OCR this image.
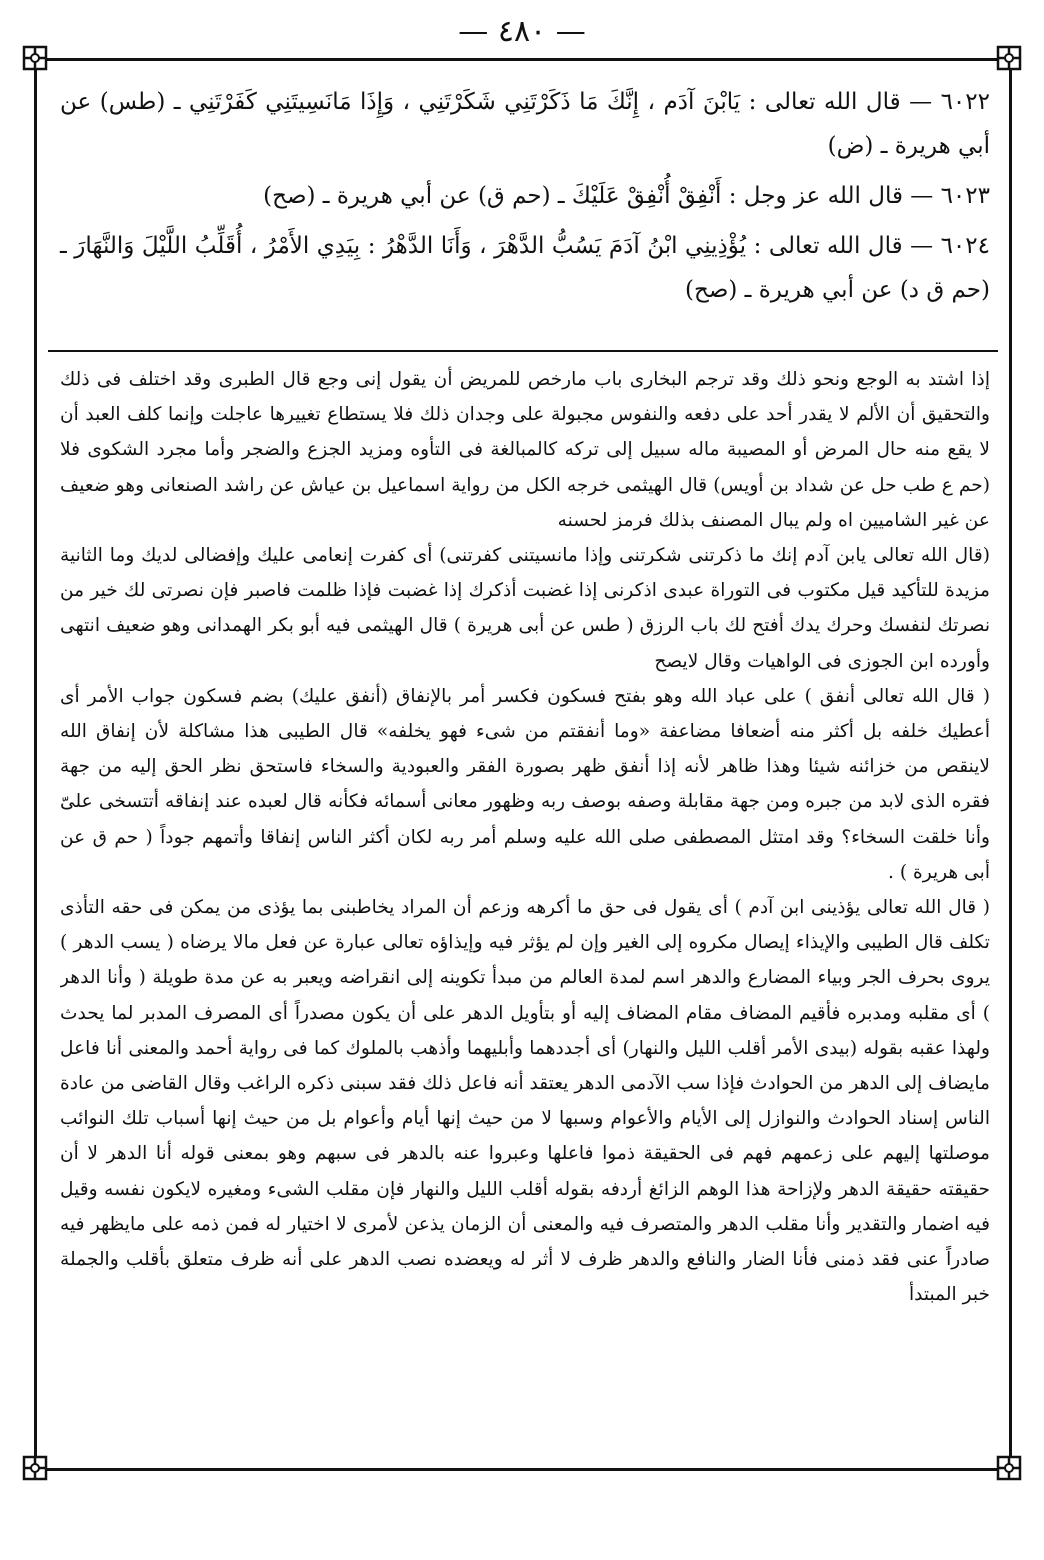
— ٤٨٠ —

٦٠٢٢ — قال الله تعالى : يَابْنَ آدَم ، إِنَّكَ مَا ذَكَرْتَنِي شَكَرْتَنِي ، وَإِذَا مَانَسِيتَنِي كَفَرْتَنِي ـ (طس) عن أبي هريرة ـ (ض)

٦٠٢٣ — قال الله عز وجل : أَنْفِقْ أُنْفِقْ عَلَيْكَ ـ (حم ق) عن أبي هريرة ـ (صح)

٦٠٢٤ — قال الله تعالى : يُؤْذِينِي ابْنُ آدَمَ يَسُبُّ الدَّهْرَ ، وَأَنَا الدَّهْرُ : بِيَدِي الأَمْرُ ، أُقَلِّبُ اللَّيْلَ وَالنَّهَارَ ـ (حم ق د) عن أبي هريرة ـ (صح)

إذا اشتد به الوجع ونحو ذلك وقد ترجم البخارى باب مارخص للمريض أن يقول إنى وجع قال الطبرى وقد اختلف فى ذلك والتحقيق أن الألم لا يقدر أحد على دفعه والنفوس مجبولة على وجدان ذلك فلا يستطاع تغييرها عاجلت وإنما كلف العبد أن لا يقع منه حال المرض أو المصيبة ماله سبيل إلى تركه كالمبالغة فى التأوه ومزيد الجزع والضجر وأما مجرد الشكوى فلا (حم ع طب حل عن شداد بن أويس) قال الهيثمى خرجه الكل من رواية اسماعيل بن عياش عن راشد الصنعانى وهو ضعيف عن غير الشاميين اه ولم يبال المصنف بذلك فرمز لحسنه

(قال الله تعالى يابن آدم إنك ما ذكرتنى شكرتنى وإذا مانسيتنى كفرتنى) أى كفرت إنعامى عليك وإفضالى لديك وما الثانية مزيدة للتأكيد قيل مكتوب فى التوراة عبدى اذكرنى إذا غضبت أذكرك إذا غضبت فإذا ظلمت فاصبر فإن نصرتى لك خير من نصرتك لنفسك وحرك يدك أفتح لك باب الرزق ( طس عن أبى هريرة ) قال الهيثمى فيه أبو بكر الهمدانى وهو ضعيف انتهى وأورده ابن الجوزى فى الواهيات وقال لايصح

( قال الله تعالى أنفق ) على عباد الله وهو بفتح فسكون فكسر أمر بالإنفاق (أنفق عليك) بضم فسكون جواب الأمر أى أعطيك خلفه بل أكثر منه أضعافا مضاعفة «وما أنفقتم من شىء فهو يخلفه» قال الطيبى هذا مشاكلة لأن إنفاق الله لاينقص من خزائنه شيئا وهذا ظاهر لأنه إذا أنفق ظهر بصورة الفقر والعبودية والسخاء فاستحق نظر الحق إليه من جهة فقره الذى لابد من جبره ومن جهة مقابلة وصفه بوصف ربه وظهور معانى أسمائه فكأنه قال لعبده عند إنفاقه أتتسخى علىّ وأنا خلقت السخاء؟ وقد امتثل المصطفى صلى الله عليه وسلم أمر ربه لكان أكثر الناس إنفاقا وأتمهم جوداً ( حم ق عن أبى هريرة ) .

( قال الله تعالى يؤذينى ابن آدم ) أى يقول فى حق ما أكرهه وزعم أن المراد يخاطبنى بما يؤذى من يمكن فى حقه التأذى تكلف قال الطيبى والإيذاء إيصال مكروه إلى الغير وإن لم يؤثر فيه وإيذاؤه تعالى عبارة عن فعل مالا يرضاه ( يسب الدهر ) يروى بحرف الجر وبياء المضارع والدهر اسم لمدة العالم من مبدأ تكوينه إلى انقراضه ويعبر به عن مدة طويلة ( وأنا الدهر ) أى مقلبه ومدبره فأقيم المضاف مقام المضاف إليه أو بتأويل الدهر على أن يكون مصدراً أى المصرف المدبر لما يحدث ولهذا عقبه بقوله (بيدى الأمر أقلب الليل والنهار) أى أجددهما وأبليهما وأذهب بالملوك كما فى رواية أحمد والمعنى أنا فاعل مايضاف إلى الدهر من الحوادث فإذا سب الآدمى الدهر يعتقد أنه فاعل ذلك فقد سبنى ذكره الراغب وقال القاضى من عادة الناس إسناد الحوادث والنوازل إلى الأيام والأعوام وسبها لا من حيث إنها أيام وأعوام بل من حيث إنها أسباب تلك النوائب موصلتها إليهم على زعمهم فهم فى الحقيقة ذموا فاعلها وعبروا عنه بالدهر فى سبهم وهو بمعنى قوله أنا الدهر لا أن حقيقته حقيقة الدهر ولإزاحة هذا الوهم الزائغ أردفه بقوله أقلب الليل والنهار فإن مقلب الشىء ومغيره لايكون نفسه وقيل فيه اضمار والتقدير وأنا مقلب الدهر والمتصرف فيه والمعنى أن الزمان يذعن لأمرى لا اختيار له فمن ذمه على مايظهر فيه صادراً عنى فقد ذمنى فأنا الضار والنافع والدهر ظرف لا أثر له ويعضده نصب الدهر على أنه ظرف متعلق بأقلب والجملة خبر المبتدأ
